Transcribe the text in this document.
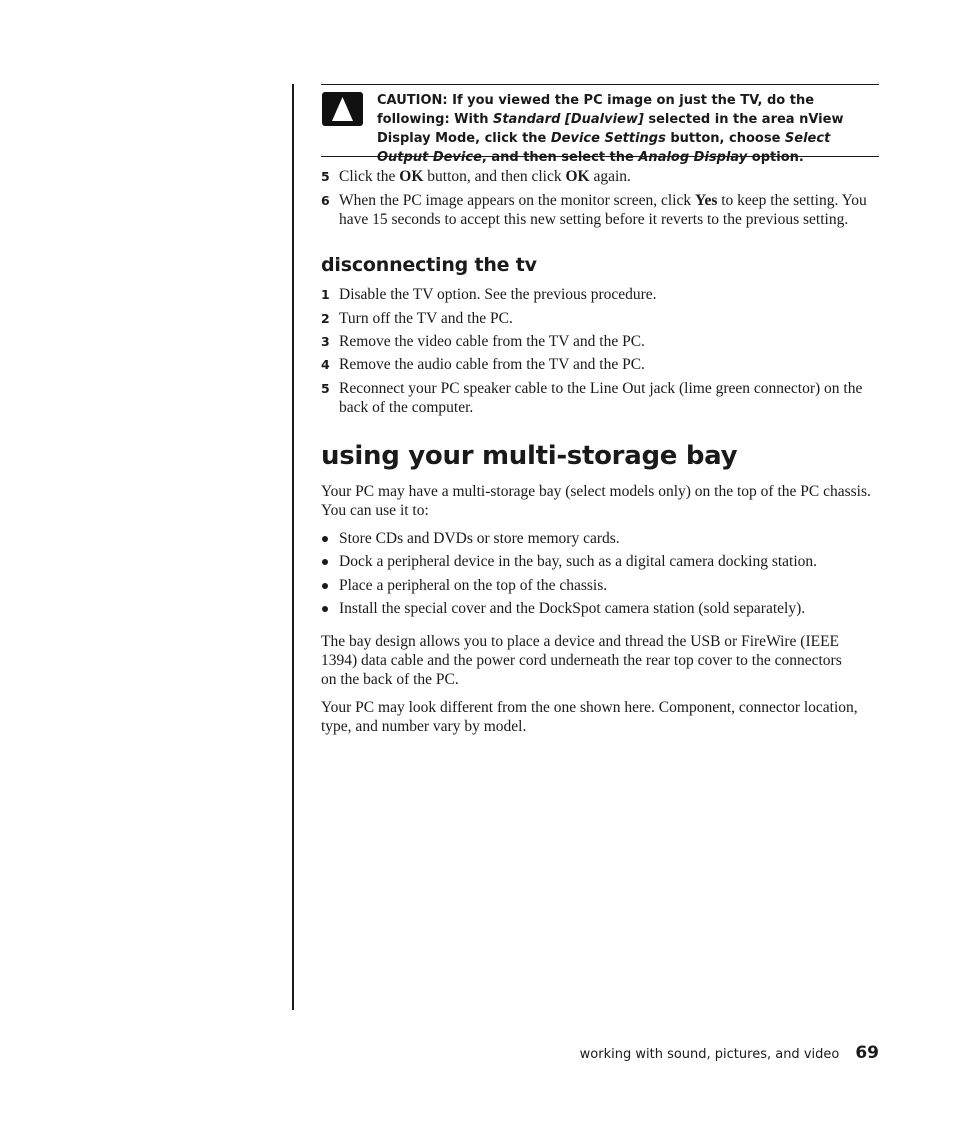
CAUTION: If you viewed the PC image on just the TV, do the following: With Standard [Dualview] selected in the area nView Display Mode, click the Device Settings button, choose Select Output Device, and then select the Analog Display option.
5 Click the OK button, and then click OK again.
6 When the PC image appears on the monitor screen, click Yes to keep the setting. You have 15 seconds to accept this new setting before it reverts to the previous setting.
disconnecting the tv
1 Disable the TV option. See the previous procedure.
2 Turn off the TV and the PC.
3 Remove the video cable from the TV and the PC.
4 Remove the audio cable from the TV and the PC.
5 Reconnect your PC speaker cable to the Line Out jack (lime green connector) on the back of the computer.
using your multi-storage bay

Your PC may have a multi-storage bay (select models only) on the top of the PC chassis. You can use it to:

Store CDs and DVDs or store memory cards.
Dock a peripheral device in the bay, such as a digital camera docking station.
Place a peripheral on the top of the chassis.
Install the special cover and the DockSpot camera station (sold separately).

The bay design allows you to place a device and thread the USB or FireWire (IEEE 1394) data cable and the power cord underneath the rear top cover to the connectors on the back of the PC.

Your PC may look different from the one shown here. Component, connector location, type, and number vary by model.

working with sound, pictures, and video 69
